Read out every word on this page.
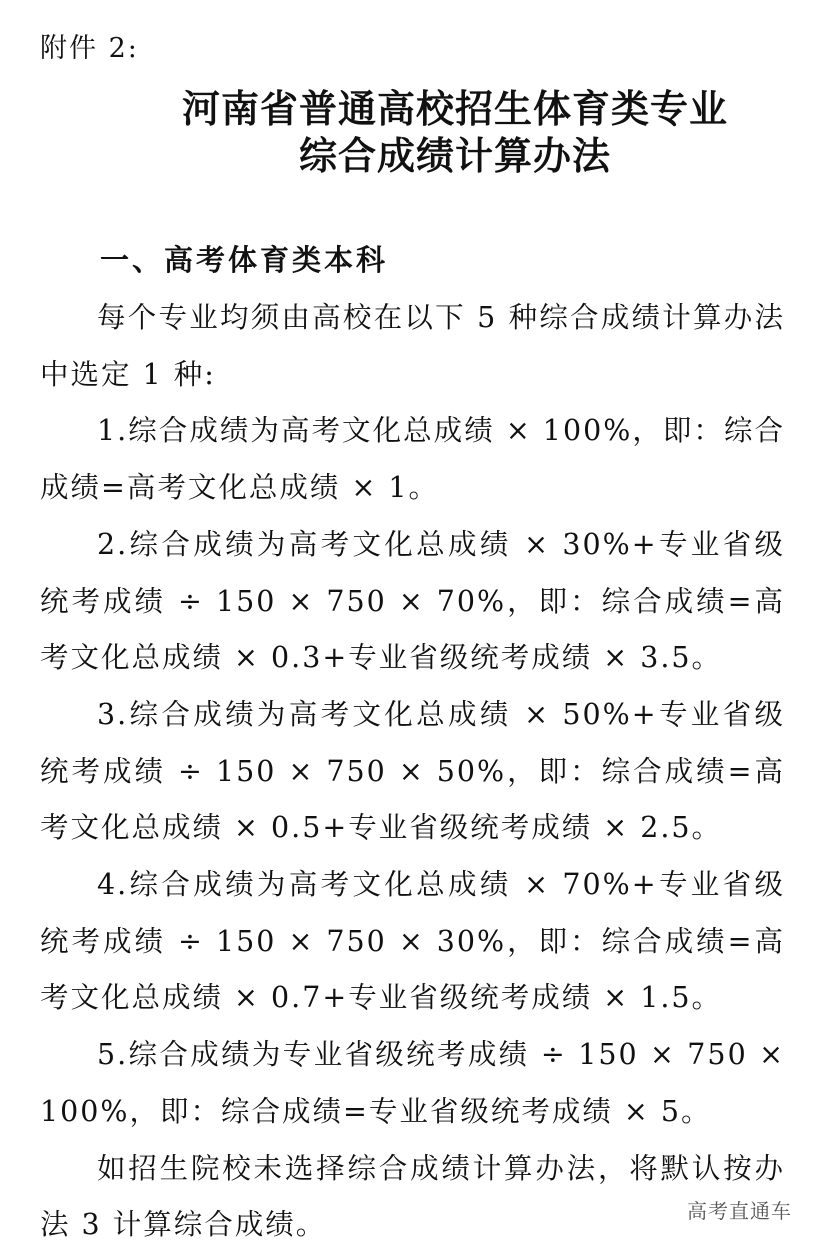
附件 2:
河南省普通高校招生体育类专业
综合成绩计算办法
一、高考体育类本科

每个专业均须由高校在以下 5 种综合成绩计算办法中选定 1 种:

1.综合成绩为高考文化总成绩 × 100%，即：综合成绩=高考文化总成绩 × 1。

2.综合成绩为高考文化总成绩 × 30%+专业省级统考成绩 ÷ 150 × 750 × 70%，即：综合成绩=高考文化总成绩 × 0.3+专业省级统考成绩 × 3.5。

3.综合成绩为高考文化总成绩 × 50%+专业省级统考成绩 ÷ 150 × 750 × 50%，即：综合成绩=高考文化总成绩 × 0.5+专业省级统考成绩 × 2.5。

4.综合成绩为高考文化总成绩 × 70%+专业省级统考成绩 ÷ 150 × 750 × 30%，即：综合成绩=高考文化总成绩 × 0.7+专业省级统考成绩 × 1.5。

5.综合成绩为专业省级统考成绩 ÷ 150 × 750 × 100%，即：综合成绩=专业省级统考成绩 × 5。

如招生院校未选择综合成绩计算办法，将默认按办法 3 计算综合成绩。	高考直通车
